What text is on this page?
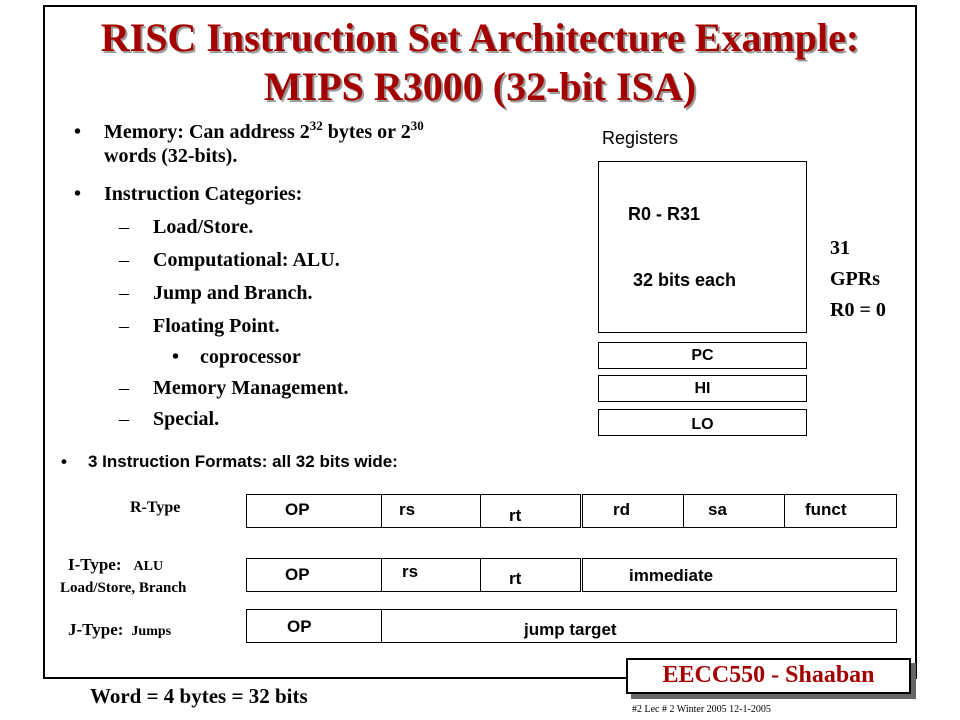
RISC Instruction Set Architecture Example:
MIPS R3000 (32-bit ISA)
• Memory: Can address $2^{32}$ bytes or $2^{30}$
words (32-bits).
• Instruction Categories:
– Load/Store.
– Computational: ALU.
– Jump and Branch.
– Floating Point.
• coprocessor
– Memory Management.
– Special.
Registers
R0 - R31
32 bits each
31
GPRs
R0 = 0
PC
HI
LO
• 3 Instruction Formats: all 32 bits wide:
R-Type	OP	rs	rt	rd	sa	funct
I-Type: ALU
Load/Store, Branch
OP	rs	rt	immediate
J-Type: Jumps	OP	jump target
Word = 4 bytes = 32 bits
EECC550 - Shaaban
#2 Lec # 2 Winter 2005 12-1-2005
